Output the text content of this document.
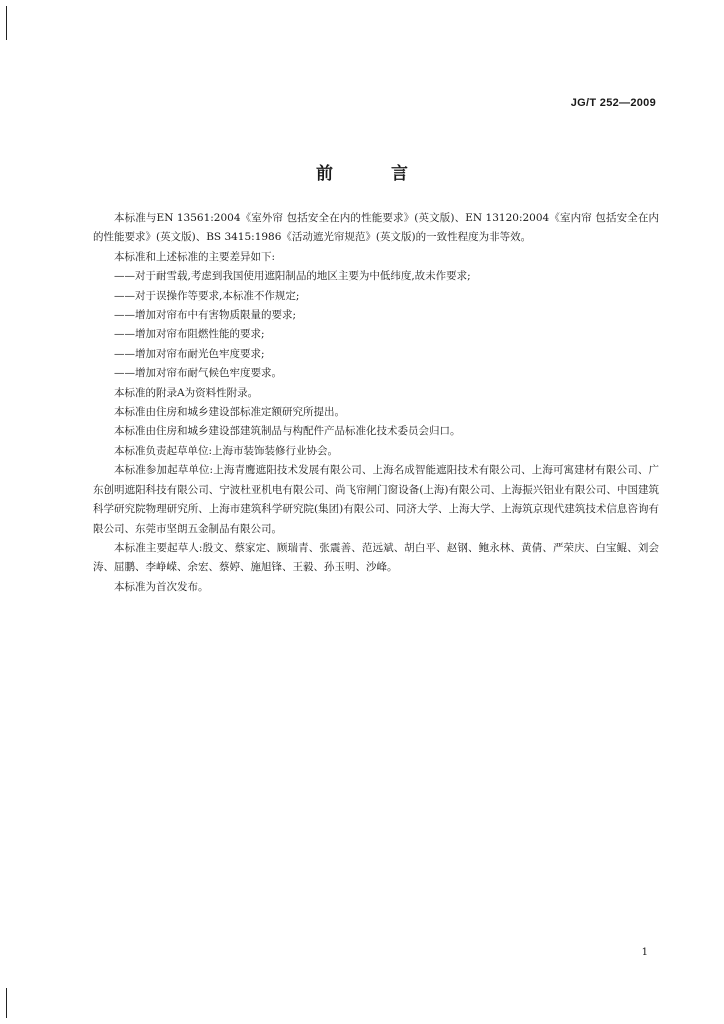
JG/T 252—2009
前 言

本标准与EN 13561:2004《室外帘 包括安全在内的性能要求》(英文版)、EN 13120:2004《室内帘 包括安全在内的性能要求》(英文版)、BS 3415:1986《活动遮光帘规范》(英文版)的一致性程度为非等效。

本标准和上述标准的主要差异如下:

——对于耐雪载,考虑到我国使用遮阳制品的地区主要为中低纬度,故未作要求;

——对于误操作等要求,本标准不作规定;

——增加对帘布中有害物质限量的要求;

——增加对帘布阻燃性能的要求;

——增加对帘布耐光色牢度要求;

——增加对帘布耐气候色牢度要求。

本标准的附录A为资料性附录。

本标准由住房和城乡建设部标准定额研究所提出。

本标准由住房和城乡建设部建筑制品与构配件产品标准化技术委员会归口。

本标准负责起草单位:上海市装饰装修行业协会。

本标准参加起草单位:上海青鹰遮阳技术发展有限公司、上海名成智能遮阳技术有限公司、上海可寓建材有限公司、广东创明遮阳科技有限公司、宁波杜亚机电有限公司、尚飞帘闸门窗设备(上海)有限公司、上海振兴铝业有限公司、中国建筑科学研究院物理研究所、上海市建筑科学研究院(集团)有限公司、同济大学、上海大学、上海筑京现代建筑技术信息咨询有限公司、东莞市坚朗五金制品有限公司。

本标准主要起草人:殷文、蔡家定、顾瑞青、张震善、范远斌、胡白平、赵钢、鲍永林、黄倩、严荣庆、白宝鲲、刘会涛、屈鹏、李峥嵘、余宏、蔡婷、施旭锋、王毅、孙玉明、沙峰。

本标准为首次发布。

1
